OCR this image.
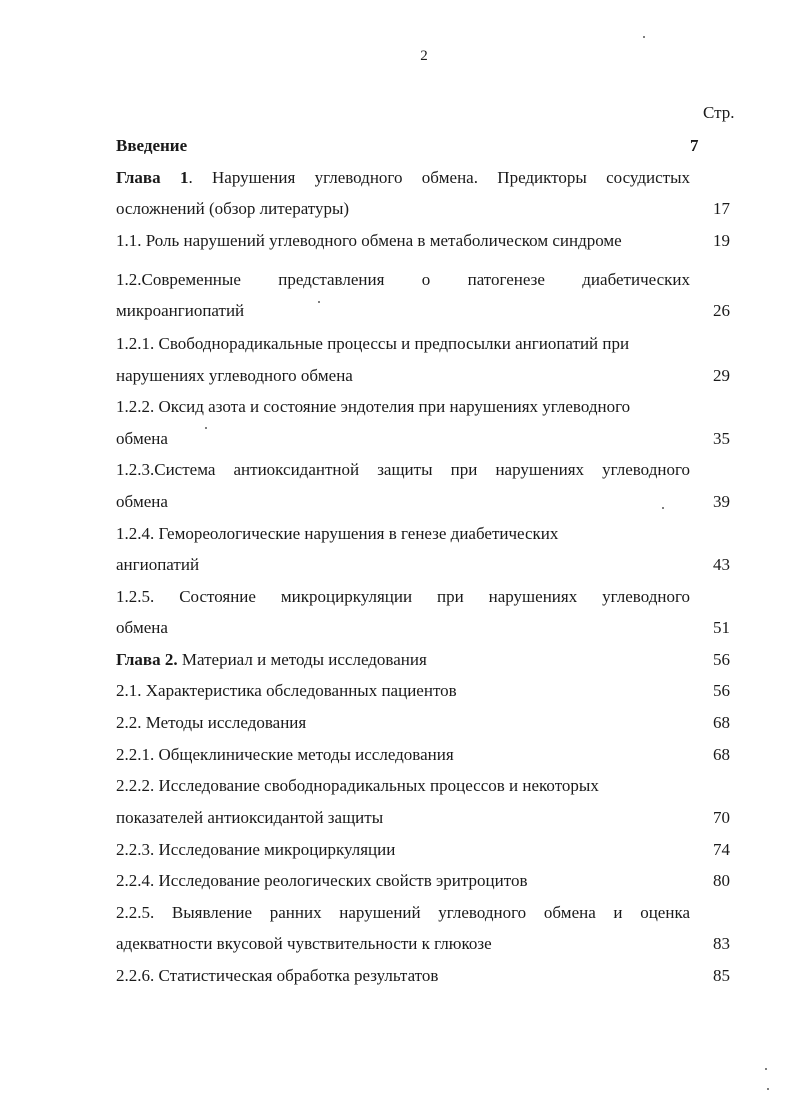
2
Стр.
Введение	7
Глава 1. Нарушения углеводного обмена. Предикторы сосудистых
осложнений (обзор литературы)	17
1.1. Роль нарушений углеводного обмена в метаболическом синдроме	19
1.2.Современные представления о патогенезе диабетических
микроангиопатий	26
1.2.1. Свободнорадикальные процессы и предпосылки ангиопатий при
нарушениях углеводного обмена	29
1.2.2. Оксид азота и состояние эндотелия при нарушениях углеводного
обмена	35
1.2.3.Система антиоксидантной защиты при нарушениях углеводного
обмена	39
1.2.4. Гемореологические нарушения в генезе диабетических
ангиопатий	43
1.2.5. Состояние микроциркуляции при нарушениях углеводного
обмена	51
Глава 2. Материал и методы исследования	56
2.1. Характеристика обследованных пациентов	56
2.2. Методы исследования	68
2.2.1. Общеклинические методы исследования	68
2.2.2. Исследование свободнорадикальных процессов и некоторых
показателей антиоксидантой защиты	70
2.2.3. Исследование микроциркуляции	74
2.2.4. Исследование реологических свойств эритроцитов	80
2.2.5. Выявление ранних нарушений углеводного обмена и оценка
адекватности вкусовой чувствительности к глюкозе	83
2.2.6. Статистическая обработка результатов	85
